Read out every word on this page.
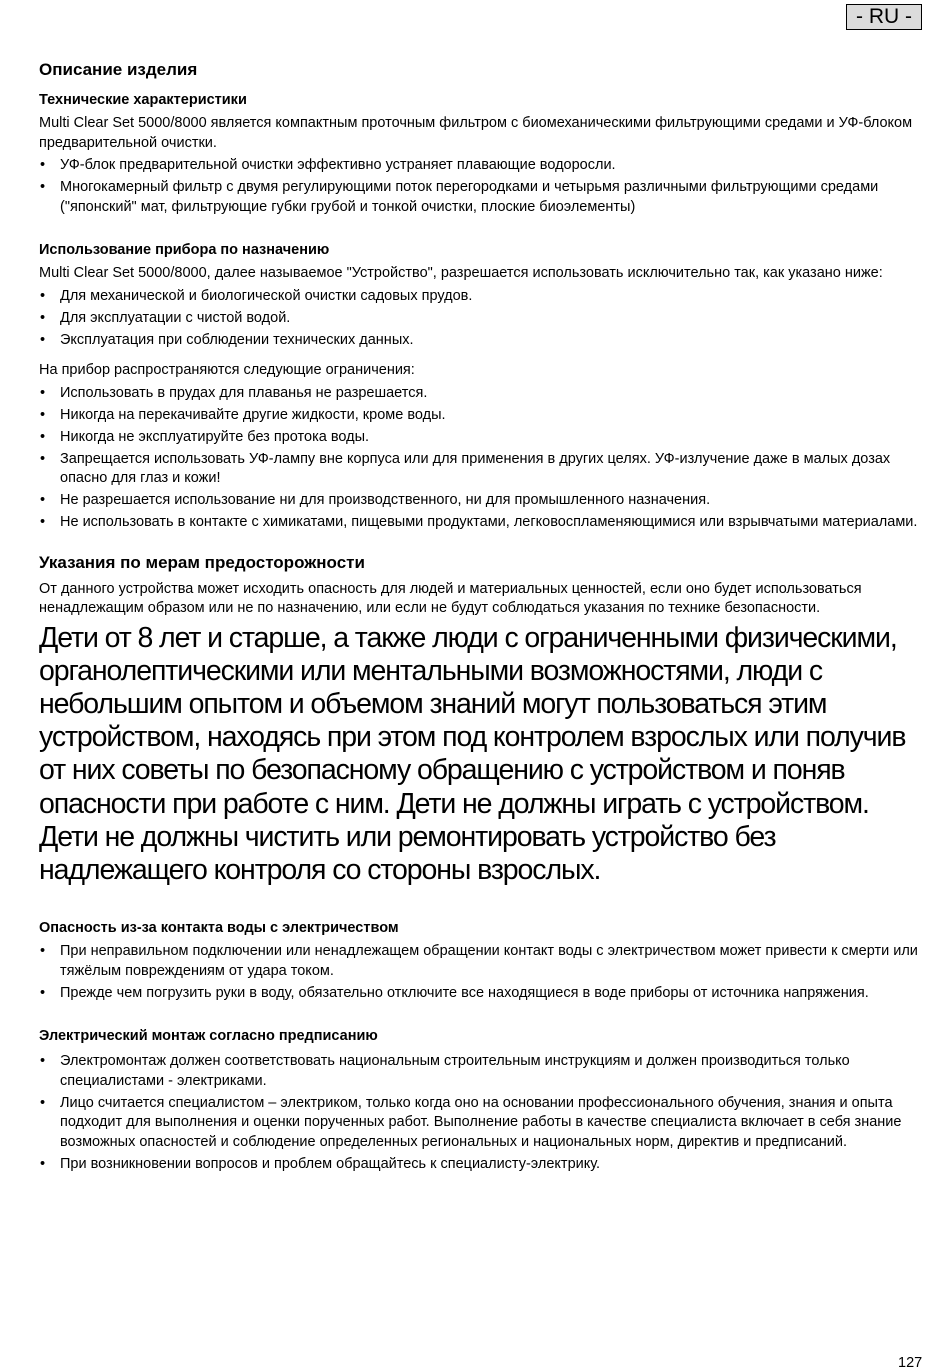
- RU -
Описание изделия
Технические характеристики
Multi Clear Set 5000/8000 является компактным проточным фильтром с биомеханическими фильтрующими средами и УФ-блоком предварительной очистки.
• УФ-блок предварительной очистки эффективно устраняет плавающие водоросли.
• Многокамерный фильтр с двумя регулирующими поток перегородками и четырьмя различными фильтрующими средами ("японский" мат, фильтрующие губки грубой и тонкой очистки, плоские биоэлементы)
Использование прибора по назначению
Multi Clear Set 5000/8000, далее называемое "Устройство", разрешается использовать исключительно так, как указано ниже:
• Для механической и биологической очистки садовых прудов.
• Для эксплуатации с чистой водой.
• Эксплуатация при соблюдении технических данных.
На прибор распространяются следующие ограничения:
• Использовать в прудах для плаванья не разрешается.
• Никогда на перекачивайте другие жидкости, кроме воды.
• Никогда не эксплуатируйте без протока воды.
• Запрещается использовать УФ-лампу вне корпуса или для применения в других целях. УФ-излучение даже в малых дозах опасно для глаз и кожи!
• Не разрешается использование ни для производственного, ни для промышленного назначения.
• Не использовать в контакте с химикатами, пищевыми продуктами, легковоспламеняющимися или взрывчатыми материалами.
Указания по мерам предосторожности
От данного устройства может исходить опасность для людей и материальных ценностей, если оно будет использоваться ненадлежащим образом или не по назначению, или если не будут соблюдаться указания по технике безопасности.
Дети от 8 лет и старше, а также люди с ограниченными физическими, органолептическими или ментальными возможностями, люди с небольшим опытом и объемом знаний могут пользоваться этим устройством, находясь при этом под контролем взрослых или получив от них советы по безопасному обращению с устройством и поняв опасности при работе с ним. Дети не должны играть с устройством. Дети не должны чистить или ремонтировать устройство без надлежащего контроля со стороны взрослых.
Опасность из-за контакта воды с электричеством
• При неправильном подключении или ненадлежащем обращении контакт воды с электричеством может привести к смерти или тяжёлым повреждениям от удара током.
• Прежде чем погрузить руки в воду, обязательно отключите все находящиеся в воде приборы от источника напряжения.
Электрический монтаж согласно предписанию
• Электромонтаж должен соответствовать национальным строительным инструкциям и должен производиться только специалистами - электриками.
• Лицо считается специалистом – электриком, только когда оно на основании профессионального обучения, знания и опыта подходит для выполнения и оценки порученных работ. Выполнение работы в качестве специалиста включает в себя знание возможных опасностей и соблюдение определенных региональных и национальных норм, директив и предписаний.
• При возникновении вопросов и проблем обращайтесь к специалисту-электрику.
127
